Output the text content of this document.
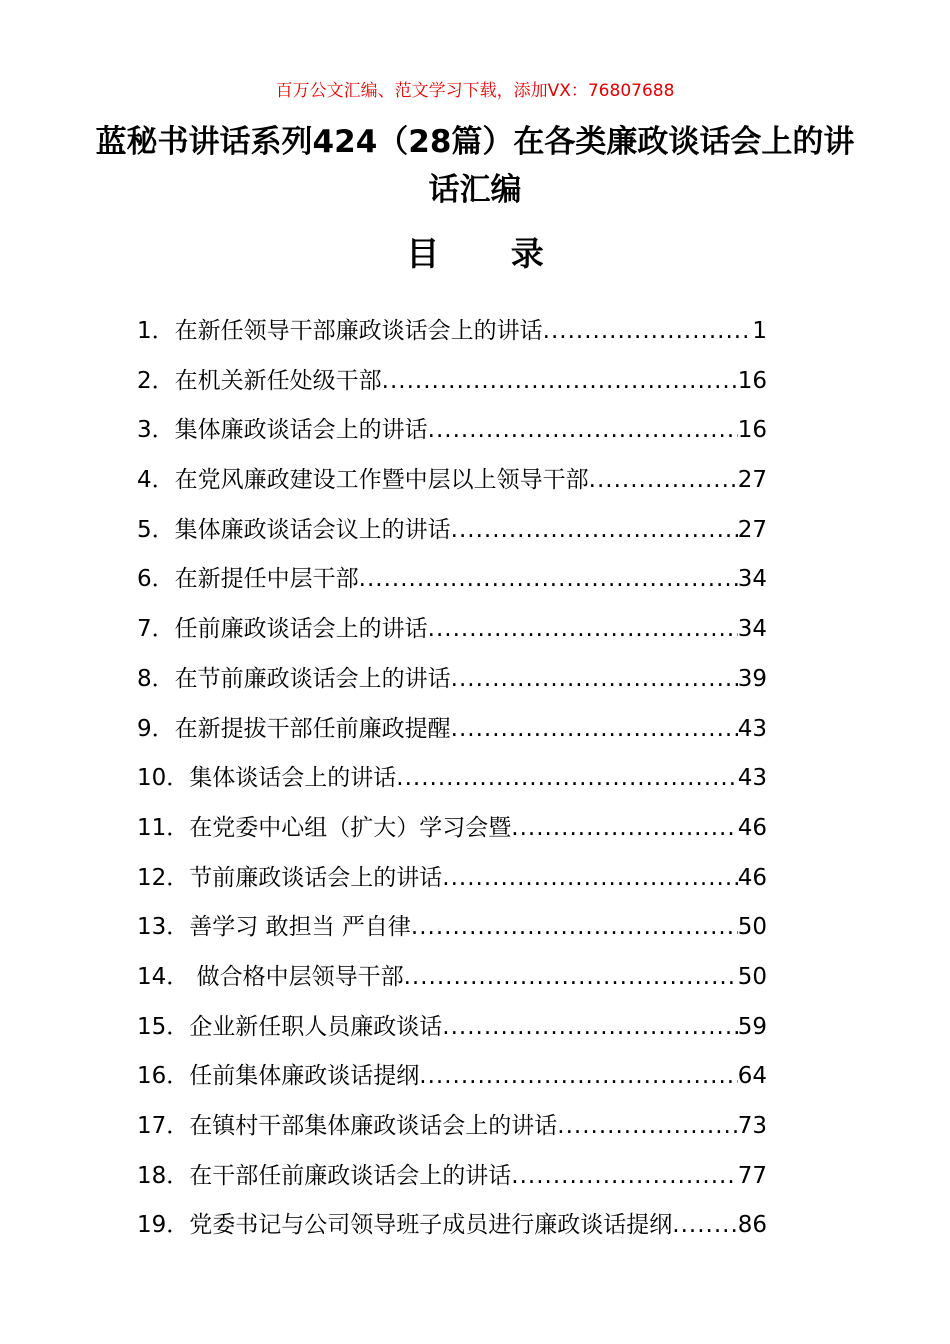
百万公文汇编、范文学习下载，添加VX：76807688
蓝秘书讲话系列424（28篇）在各类廉政谈话会上的讲话汇编
目 录
1．在新任领导干部廉政谈话会上的讲话 .....	1
2．在机关新任处级干部 .....	16
3．集体廉政谈话会上的讲话 .....	16
4．在党风廉政建设工作暨中层以上领导干部 .....	27
5．集体廉政谈话会议上的讲话 .....	27
6．在新提任中层干部 .....	34
7．任前廉政谈话会上的讲话 .....	34
8．在节前廉政谈话会上的讲话 .....	39
9．在新提拔干部任前廉政提醒 .....	43
10．集体谈话会上的讲话 .....	43
11．在党委中心组（扩大）学习会暨 .....	46
12．节前廉政谈话会上的讲话 .....	46
13．善学习 敢担当 严自律 .....	50
14． 做合格中层领导干部 .....	50
15．企业新任职人员廉政谈话 .....	59
16．任前集体廉政谈话提纲 .....	64
17．在镇村干部集体廉政谈话会上的讲话 .....	73
18．在干部任前廉政谈话会上的讲话 .....	77
19．党委书记与公司领导班子成员进行廉政谈话提纲 .....	86
